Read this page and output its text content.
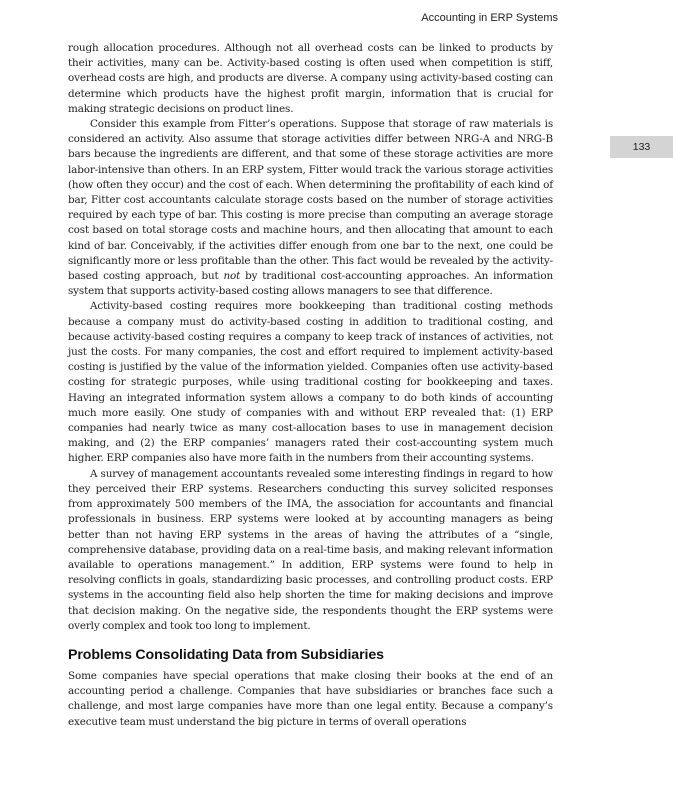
Accounting in ERP Systems
133

rough allocation procedures. Although not all overhead costs can be linked to products by their activities, many can be. Activity-based costing is often used when competition is stiff, overhead costs are high, and products are diverse. A company using activity-based costing can determine which products have the highest profit margin, information that is crucial for making strategic decisions on product lines.

Consider this example from Fitter’s operations. Suppose that storage of raw materials is considered an activity. Also assume that storage activities differ between NRG-A and NRG-B bars because the ingredients are different, and that some of these storage activities are more labor-intensive than others. In an ERP system, Fitter would track the various storage activities (how often they occur) and the cost of each. When determining the profitability of each kind of bar, Fitter cost accountants calculate storage costs based on the number of storage activities required by each type of bar. This costing is more precise than computing an average storage cost based on total storage costs and machine hours, and then allocating that amount to each kind of bar. Conceivably, if the activities differ enough from one bar to the next, one could be significantly more or less profitable than the other. This fact would be revealed by the activity-based costing approach, but not by traditional cost-accounting approaches. An information system that supports activity-based costing allows managers to see that difference.

Activity-based costing requires more bookkeeping than traditional costing methods because a company must do activity-based costing in addition to traditional costing, and because activity-based costing requires a company to keep track of instances of activities, not just the costs. For many companies, the cost and effort required to implement activity-based costing is justified by the value of the information yielded. Companies often use activity-based costing for strategic purposes, while using traditional costing for bookkeeping and taxes. Having an integrated information system allows a company to do both kinds of accounting much more easily. One study of companies with and without ERP revealed that: (1) ERP companies had nearly twice as many cost-allocation bases to use in management decision making, and (2) the ERP companies’ managers rated their cost-accounting system much higher. ERP companies also have more faith in the numbers from their accounting systems.

A survey of management accountants revealed some interesting findings in regard to how they perceived their ERP systems. Researchers conducting this survey solicited responses from approximately 500 members of the IMA, the association for accountants and financial professionals in business. ERP systems were looked at by accounting managers as being better than not having ERP systems in the areas of having the attributes of a “single, comprehensive database, providing data on a real-time basis, and making relevant information available to operations management.” In addition, ERP systems were found to help in resolving conflicts in goals, standardizing basic processes, and controlling product costs. ERP systems in the accounting field also help shorten the time for making decisions and improve that decision making. On the negative side, the respondents thought the ERP systems were overly complex and took too long to implement.

Problems Consolidating Data from Subsidiaries

Some companies have special operations that make closing their books at the end of an accounting period a challenge. Companies that have subsidiaries or branches face such a challenge, and most large companies have more than one legal entity. Because a company’s executive team must understand the big picture in terms of overall operations
